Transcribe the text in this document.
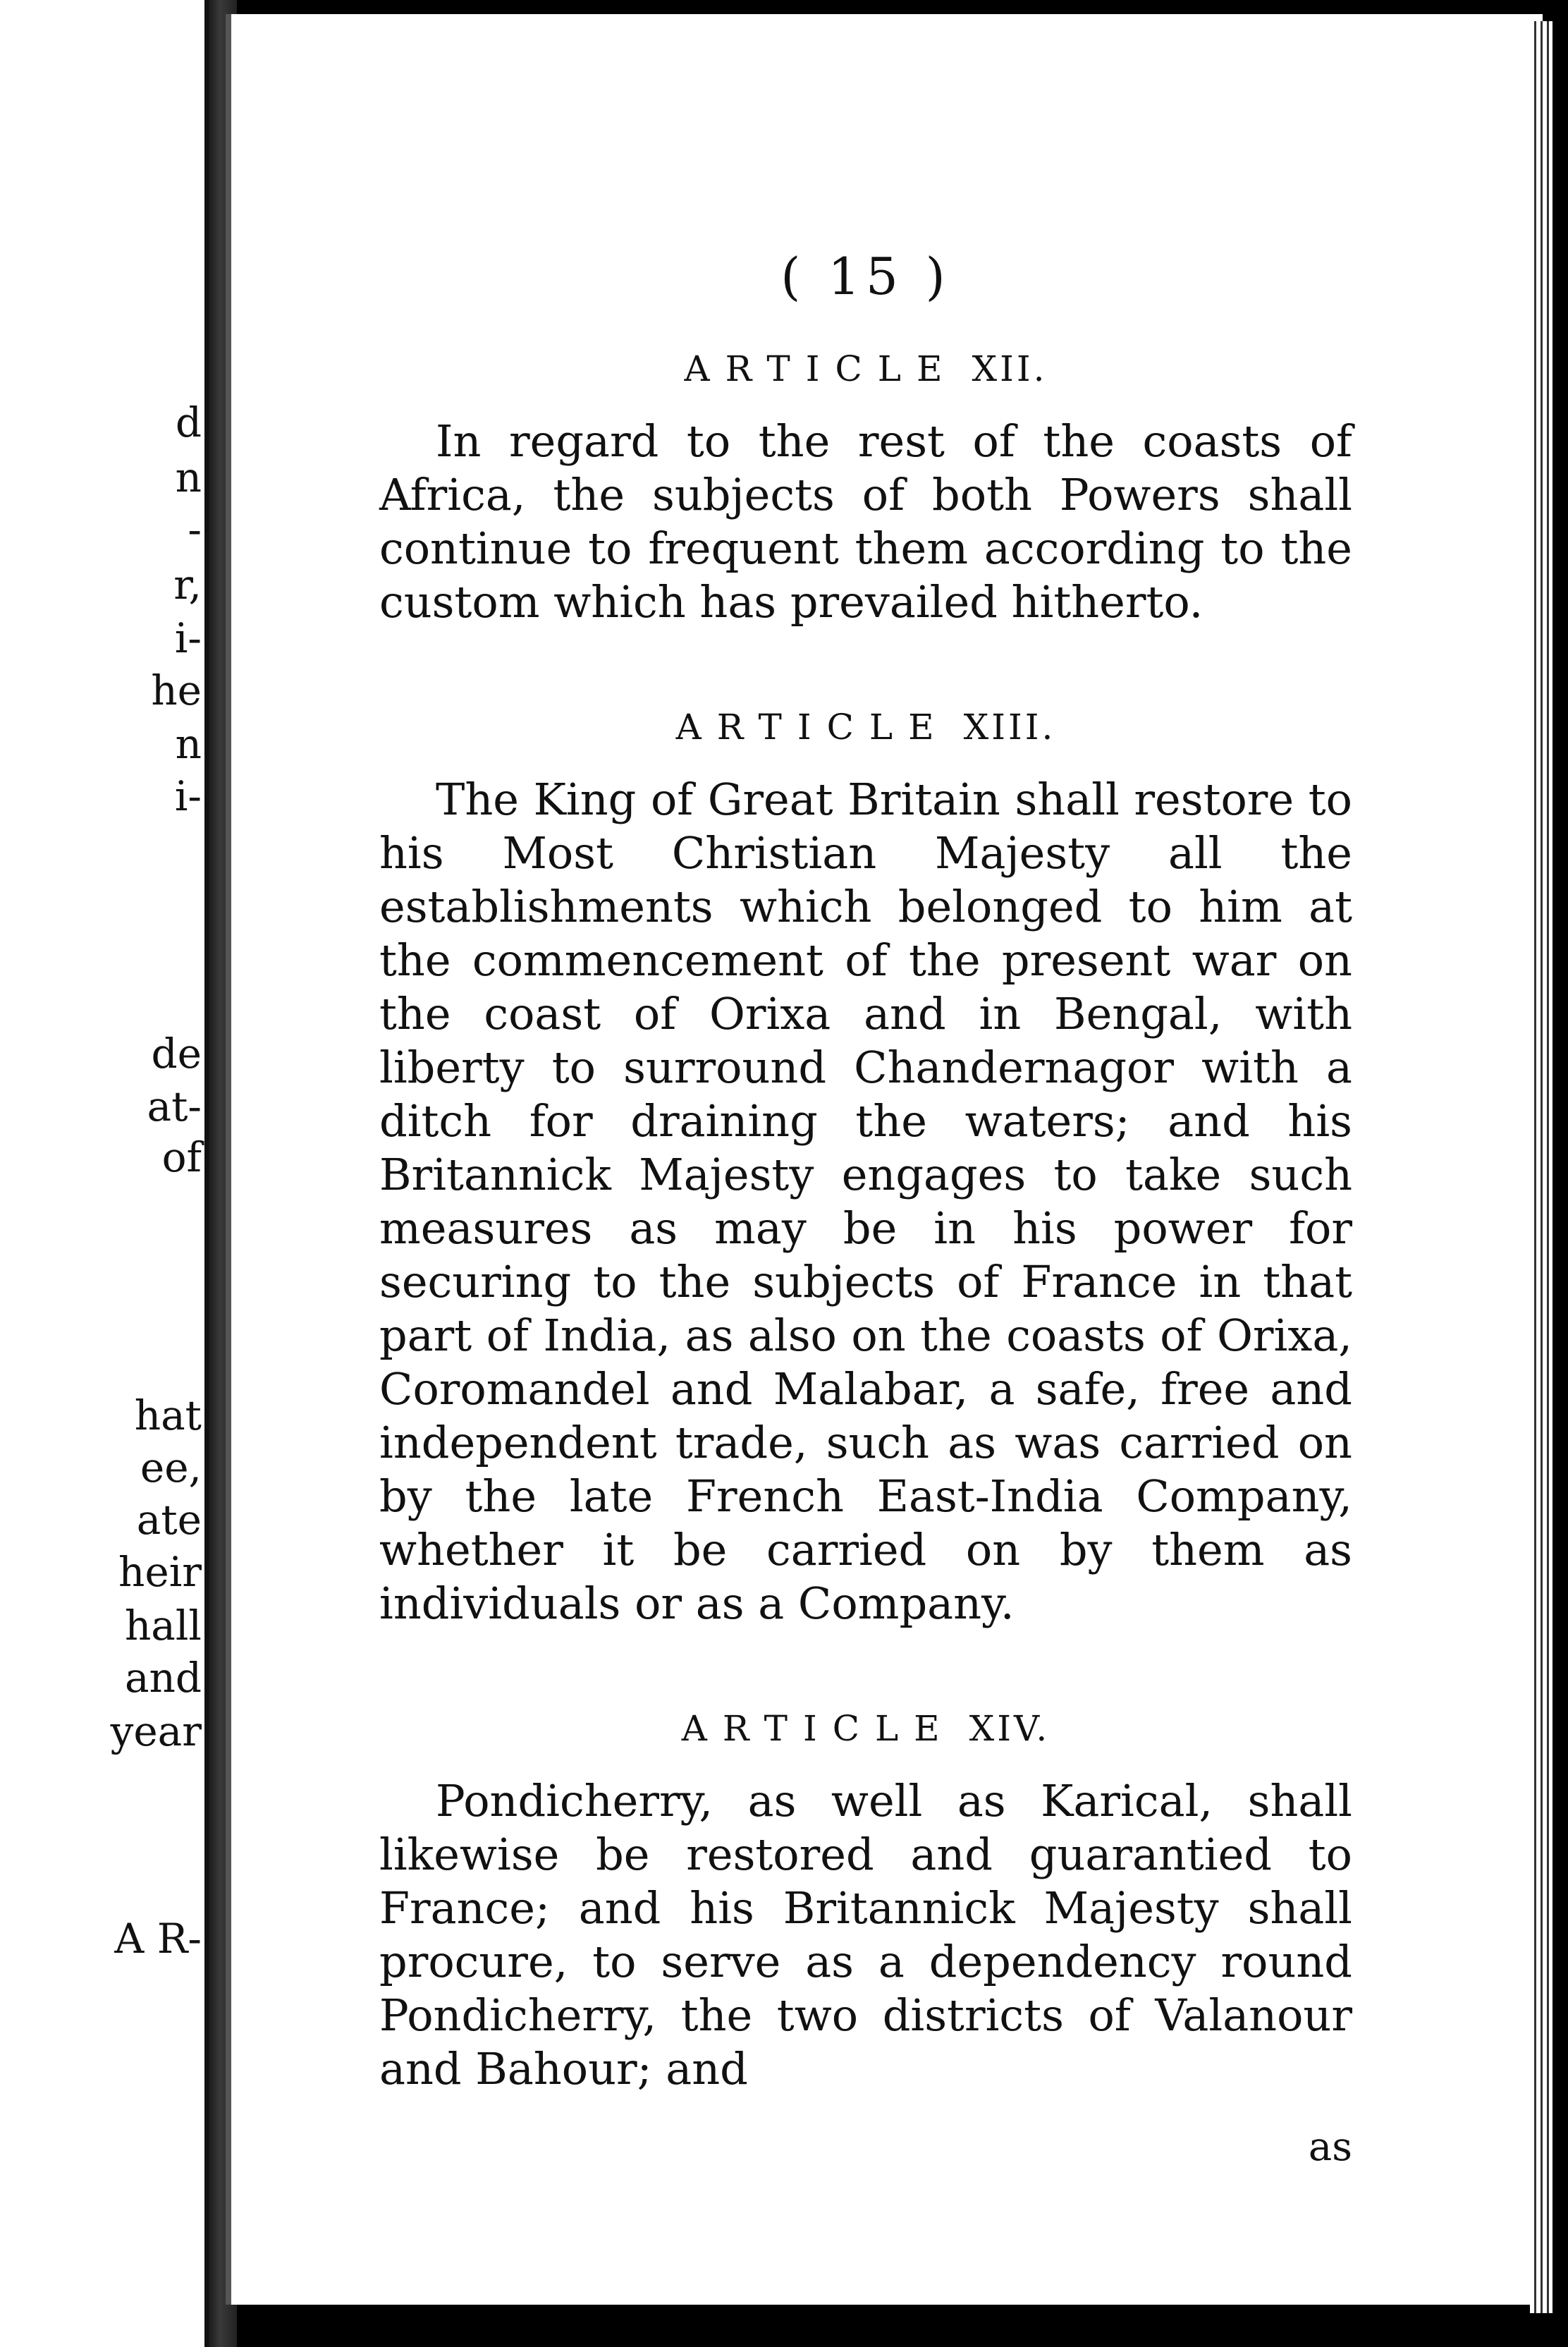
d
n
-
r,
i-
he
n
i-
de
at-
of
hat
ee,
ate
heir
hall
and
year
A R-
( 15 )
ARTICLE XII.

In regard to the rest of the coasts of Africa, the subjects of both Powers shall continue to frequent them according to the custom which has prevailed hitherto.

ARTICLE XIII.

The King of Great Britain shall restore to his Most Christian Majesty all the establishments which belonged to him at the commencement of the present war on the coast of Orixa and in Bengal, with liberty to surround Chandernagor with a ditch for draining the waters; and his Britannick Majesty engages to take such measures as may be in his power for securing to the subjects of France in that part of India, as also on the coasts of Orixa, Coromandel and Malabar, a safe, free and independent trade, such as was carried on by the late French East-India Company, whether it be carried on by them as individuals or as a Company.

ARTICLE XIV.

Pondicherry, as well as Karical, shall likewise be restored and guarantied to France; and his Britannick Majesty shall procure, to serve as a dependency round Pondicherry, the two districts of Valanour and Bahour; and

as
